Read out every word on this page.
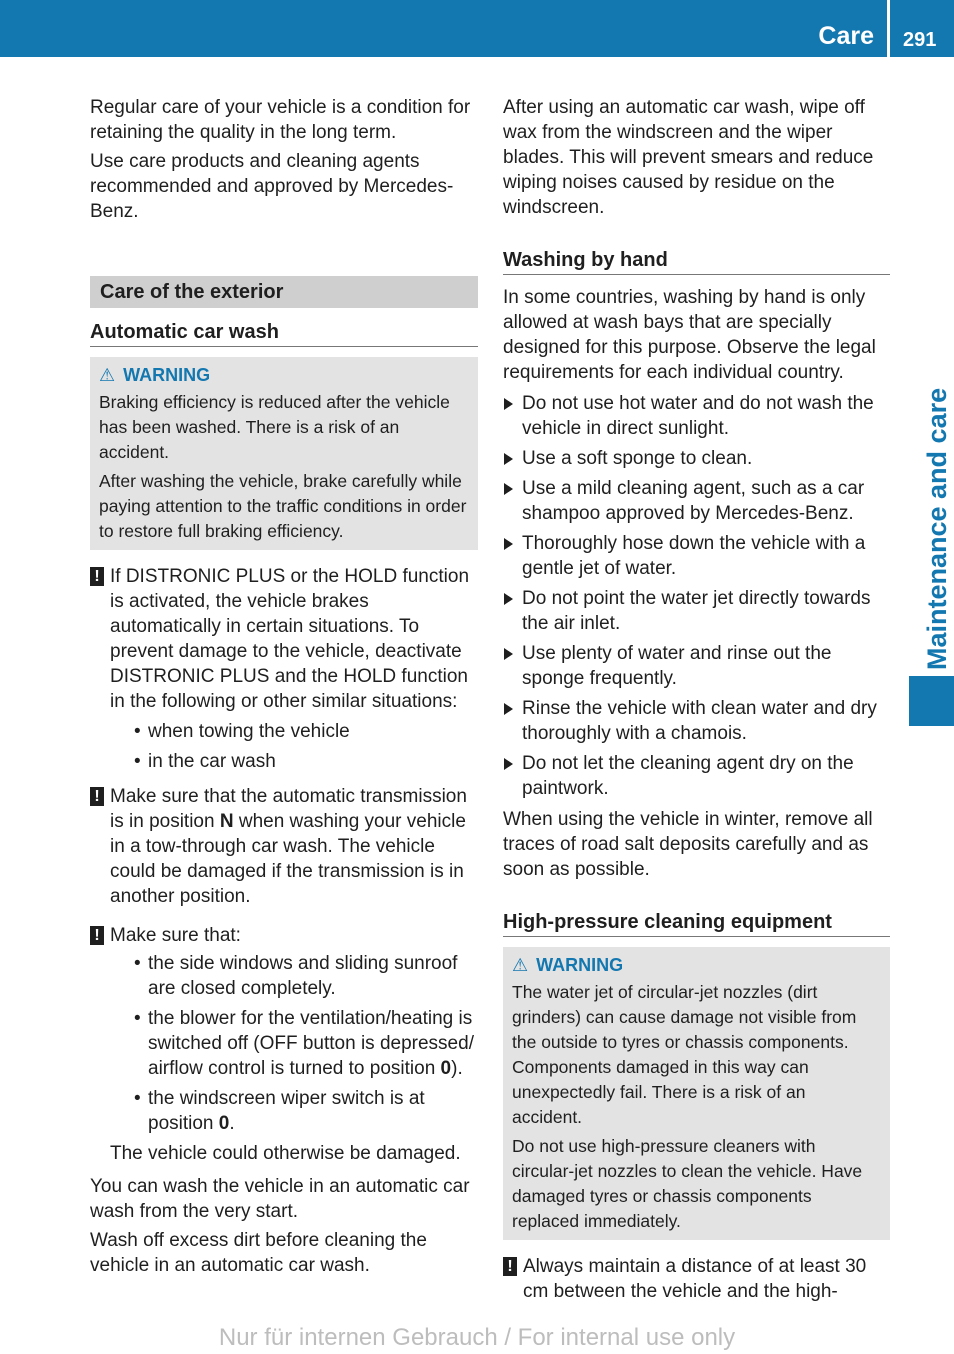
Care 291
Maintenance and care

Regular care of your vehicle is a condition for retaining the quality in the long term.

Use care products and cleaning agents recommended and approved by Mercedes-Benz.

Care of the exterior
Automatic car wash
⚠ WARNING

Braking efficiency is reduced after the vehicle has been washed. There is a risk of an accident.

After washing the vehicle, brake carefully while paying attention to the traffic conditions in order to restore full braking efficiency.

! If DISTRONIC PLUS or the HOLD function is activated, the vehicle brakes automatically in certain situations. To prevent damage to the vehicle, deactivate DISTRONIC PLUS and the HOLD function in the following or other similar situations:

• when towing the vehicle
• in the car wash
! Make sure that the automatic transmission is in position N when washing your vehicle in a tow-through car wash. The vehicle could be damaged if the transmission is in another position.

! Make sure that:

• the side windows and sliding sunroof are closed completely.
• the blower for the ventilation/heating is switched off (OFF button is depressed/ airflow control is turned to position 0).
• the windscreen wiper switch is at position 0.

The vehicle could otherwise be damaged.

You can wash the vehicle in an automatic car wash from the very start.

Wash off excess dirt before cleaning the vehicle in an automatic car wash.

After using an automatic car wash, wipe off wax from the windscreen and the wiper blades. This will prevent smears and reduce wiping noises caused by residue on the windscreen.

Washing by hand

In some countries, washing by hand is only allowed at wash bays that are specially designed for this purpose. Observe the legal requirements for each individual country.

Do not use hot water and do not wash the vehicle in direct sunlight.
Use a soft sponge to clean.
Use a mild cleaning agent, such as a car shampoo approved by Mercedes-Benz.
Thoroughly hose down the vehicle with a gentle jet of water.
Do not point the water jet directly towards the air inlet.
Use plenty of water and rinse out the sponge frequently.
Rinse the vehicle with clean water and dry thoroughly with a chamois.
Do not let the cleaning agent dry on the paintwork.

When using the vehicle in winter, remove all traces of road salt deposits carefully and as soon as possible.

High-pressure cleaning equipment
⚠ WARNING

The water jet of circular-jet nozzles (dirt grinders) can cause damage not visible from the outside to tyres or chassis components. Components damaged in this way can unexpectedly fail. There is a risk of an accident.

Do not use high-pressure cleaners with circular-jet nozzles to clean the vehicle. Have damaged tyres or chassis components replaced immediately.

! Always maintain a distance of at least 30 cm between the vehicle and the high-

Nur für internen Gebrauch / For internal use only
